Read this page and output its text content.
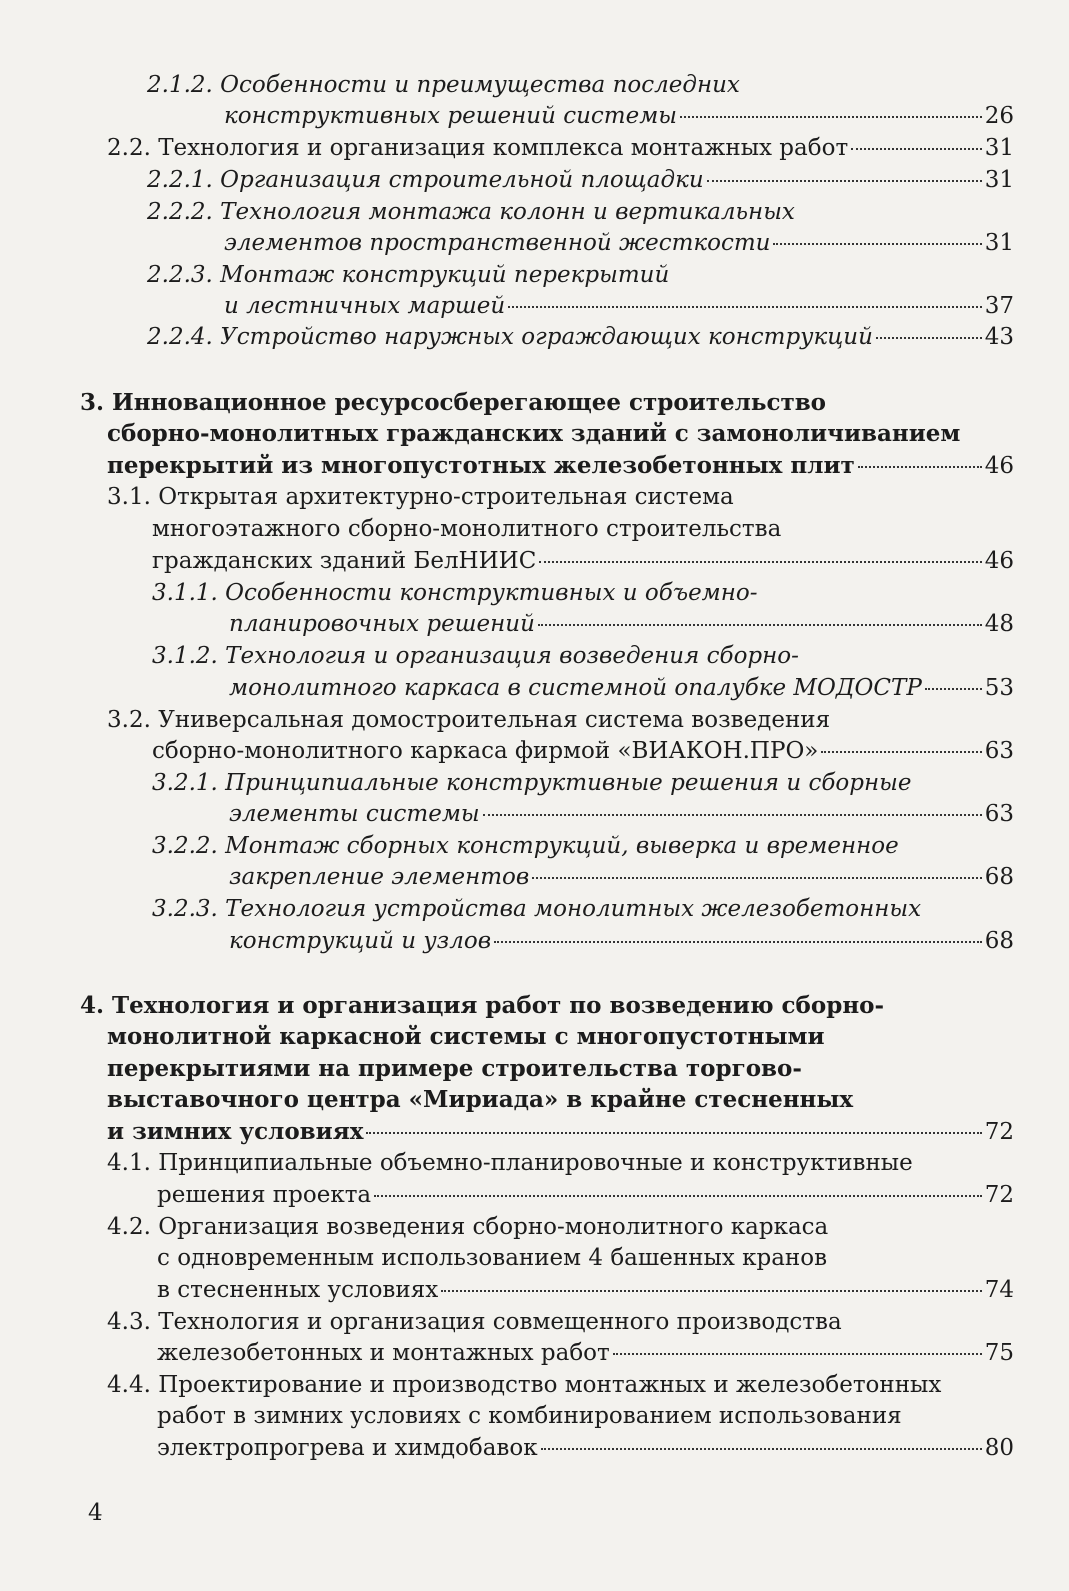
2.1.2. Особенности и преимущества последних
конструктивных решений системы	26
2.2. Технология и организация комплекса монтажных работ	31
2.2.1. Организация строительной площадки	31
2.2.2. Технология монтажа колонн и вертикальных
элементов пространственной жесткости	31
2.2.3. Монтаж конструкций перекрытий
и лестничных маршей	37
2.2.4. Устройство наружных ограждающих конструкций	43
3. Инновационное ресурсосберегающее строительство
сборно-монолитных гражданских зданий с замоноличиванием
перекрытий из многопустотных железобетонных плит	46
3.1. Открытая архитектурно-строительная система
многоэтажного сборно-монолитного строительства
гражданских зданий БелНИИС	46
3.1.1. Особенности конструктивных и объемно-
планировочных решений	48
3.1.2. Технология и организация возведения сборно-
монолитного каркаса в системной опалубке МОДОСТР	53
3.2. Универсальная домостроительная система возведения
сборно-монолитного каркаса фирмой «ВИАКОН.ПРО»	63
3.2.1. Принципиальные конструктивные решения и сборные
элементы системы	63
3.2.2. Монтаж сборных конструкций, выверка и временное
закрепление элементов	68
3.2.3. Технология устройства монолитных железобетонных
конструкций и узлов	68
4. Технология и организация работ по возведению сборно-
монолитной каркасной системы с многопустотными
перекрытиями на примере строительства торгово-
выставочного центра «Мириада» в крайне стесненных
и зимних условиях	72
4.1. Принципиальные объемно-планировочные и конструктивные
решения проекта	72
4.2. Организация возведения сборно-монолитного каркаса
с одновременным использованием 4 башенных кранов
в стесненных условиях	74
4.3. Технология и организация совмещенного производства
железобетонных и монтажных работ	75
4.4. Проектирование и производство монтажных и железобетонных
работ в зимних условиях с комбинированием использования
электропрогрева и химдобавок	80
4
